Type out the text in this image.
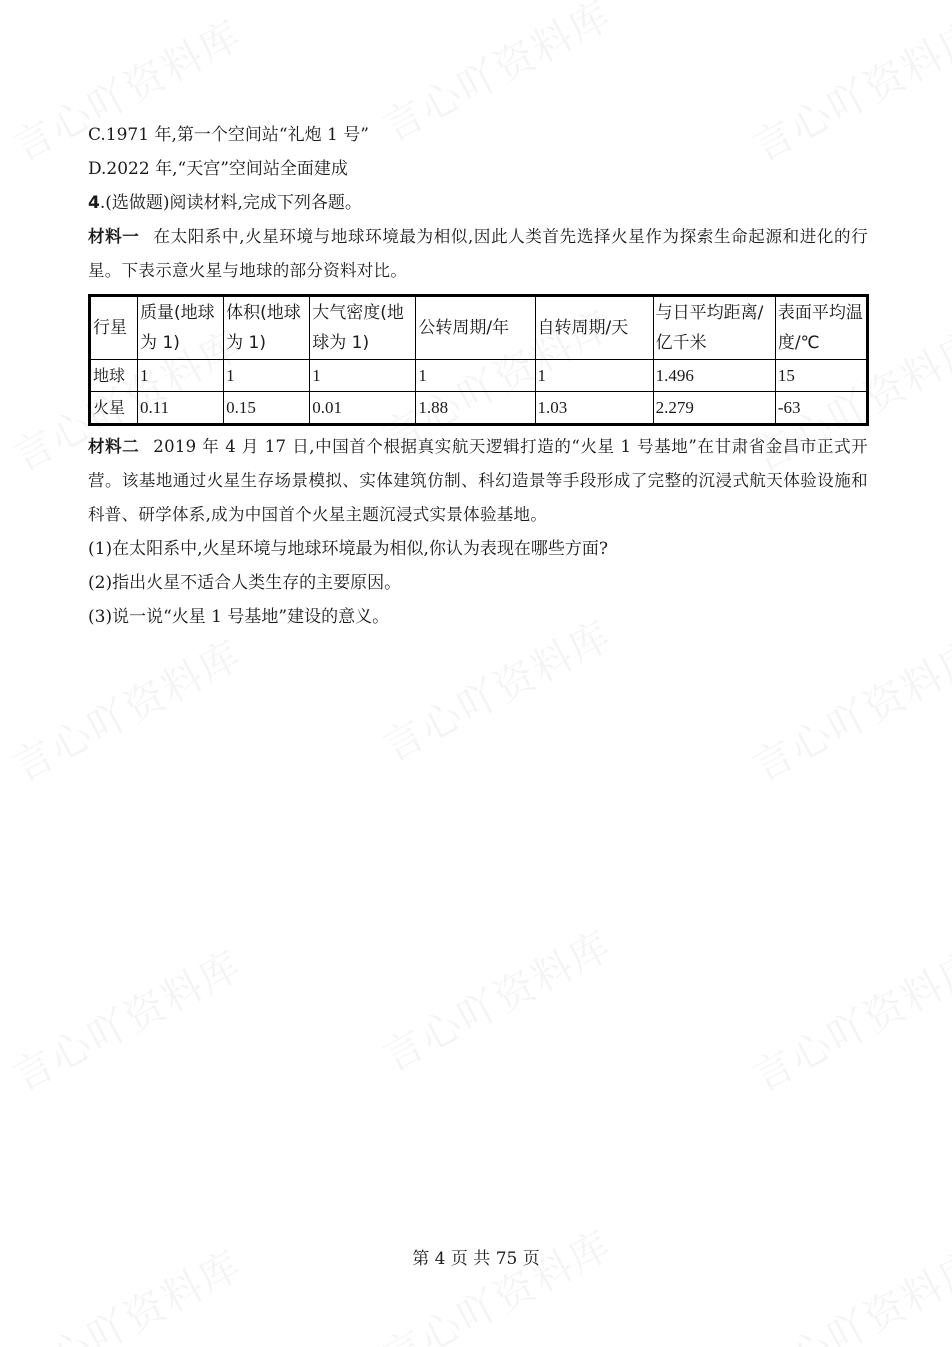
C.1971 年,第一个空间站“礼炮 1 号”

D.2022 年,“天宫”空间站全面建成

4.(选做题)阅读材料,完成下列各题。

材料一 在太阳系中,火星环境与地球环境最为相似,因此人类首先选择火星作为探索生命起源和进化的行星。下表示意火星与地球的部分资料对比。

行星	质量(地球为 1)	体积(地球为 1)	大气密度(地球为 1)	公转周期/年	自转周期/天	与日平均距离/亿千米	表面平均温度/℃
地球	1	1	1	1	1	1.496	15
火星	0.11	0.15	0.01	1.88	1.03	2.279	-63

材料二 2019 年 4 月 17 日,中国首个根据真实航天逻辑打造的“火星 1 号基地”在甘肃省金昌市正式开营。该基地通过火星生存场景模拟、实体建筑仿制、科幻造景等手段形成了完整的沉浸式航天体验设施和科普、研学体系,成为中国首个火星主题沉浸式实景体验基地。

(1)在太阳系中,火星环境与地球环境最为相似,你认为表现在哪些方面?

(2)指出火星不适合人类生存的主要原因。

(3)说一说“火星 1 号基地”建设的意义。

第 4 页 共 75 页
